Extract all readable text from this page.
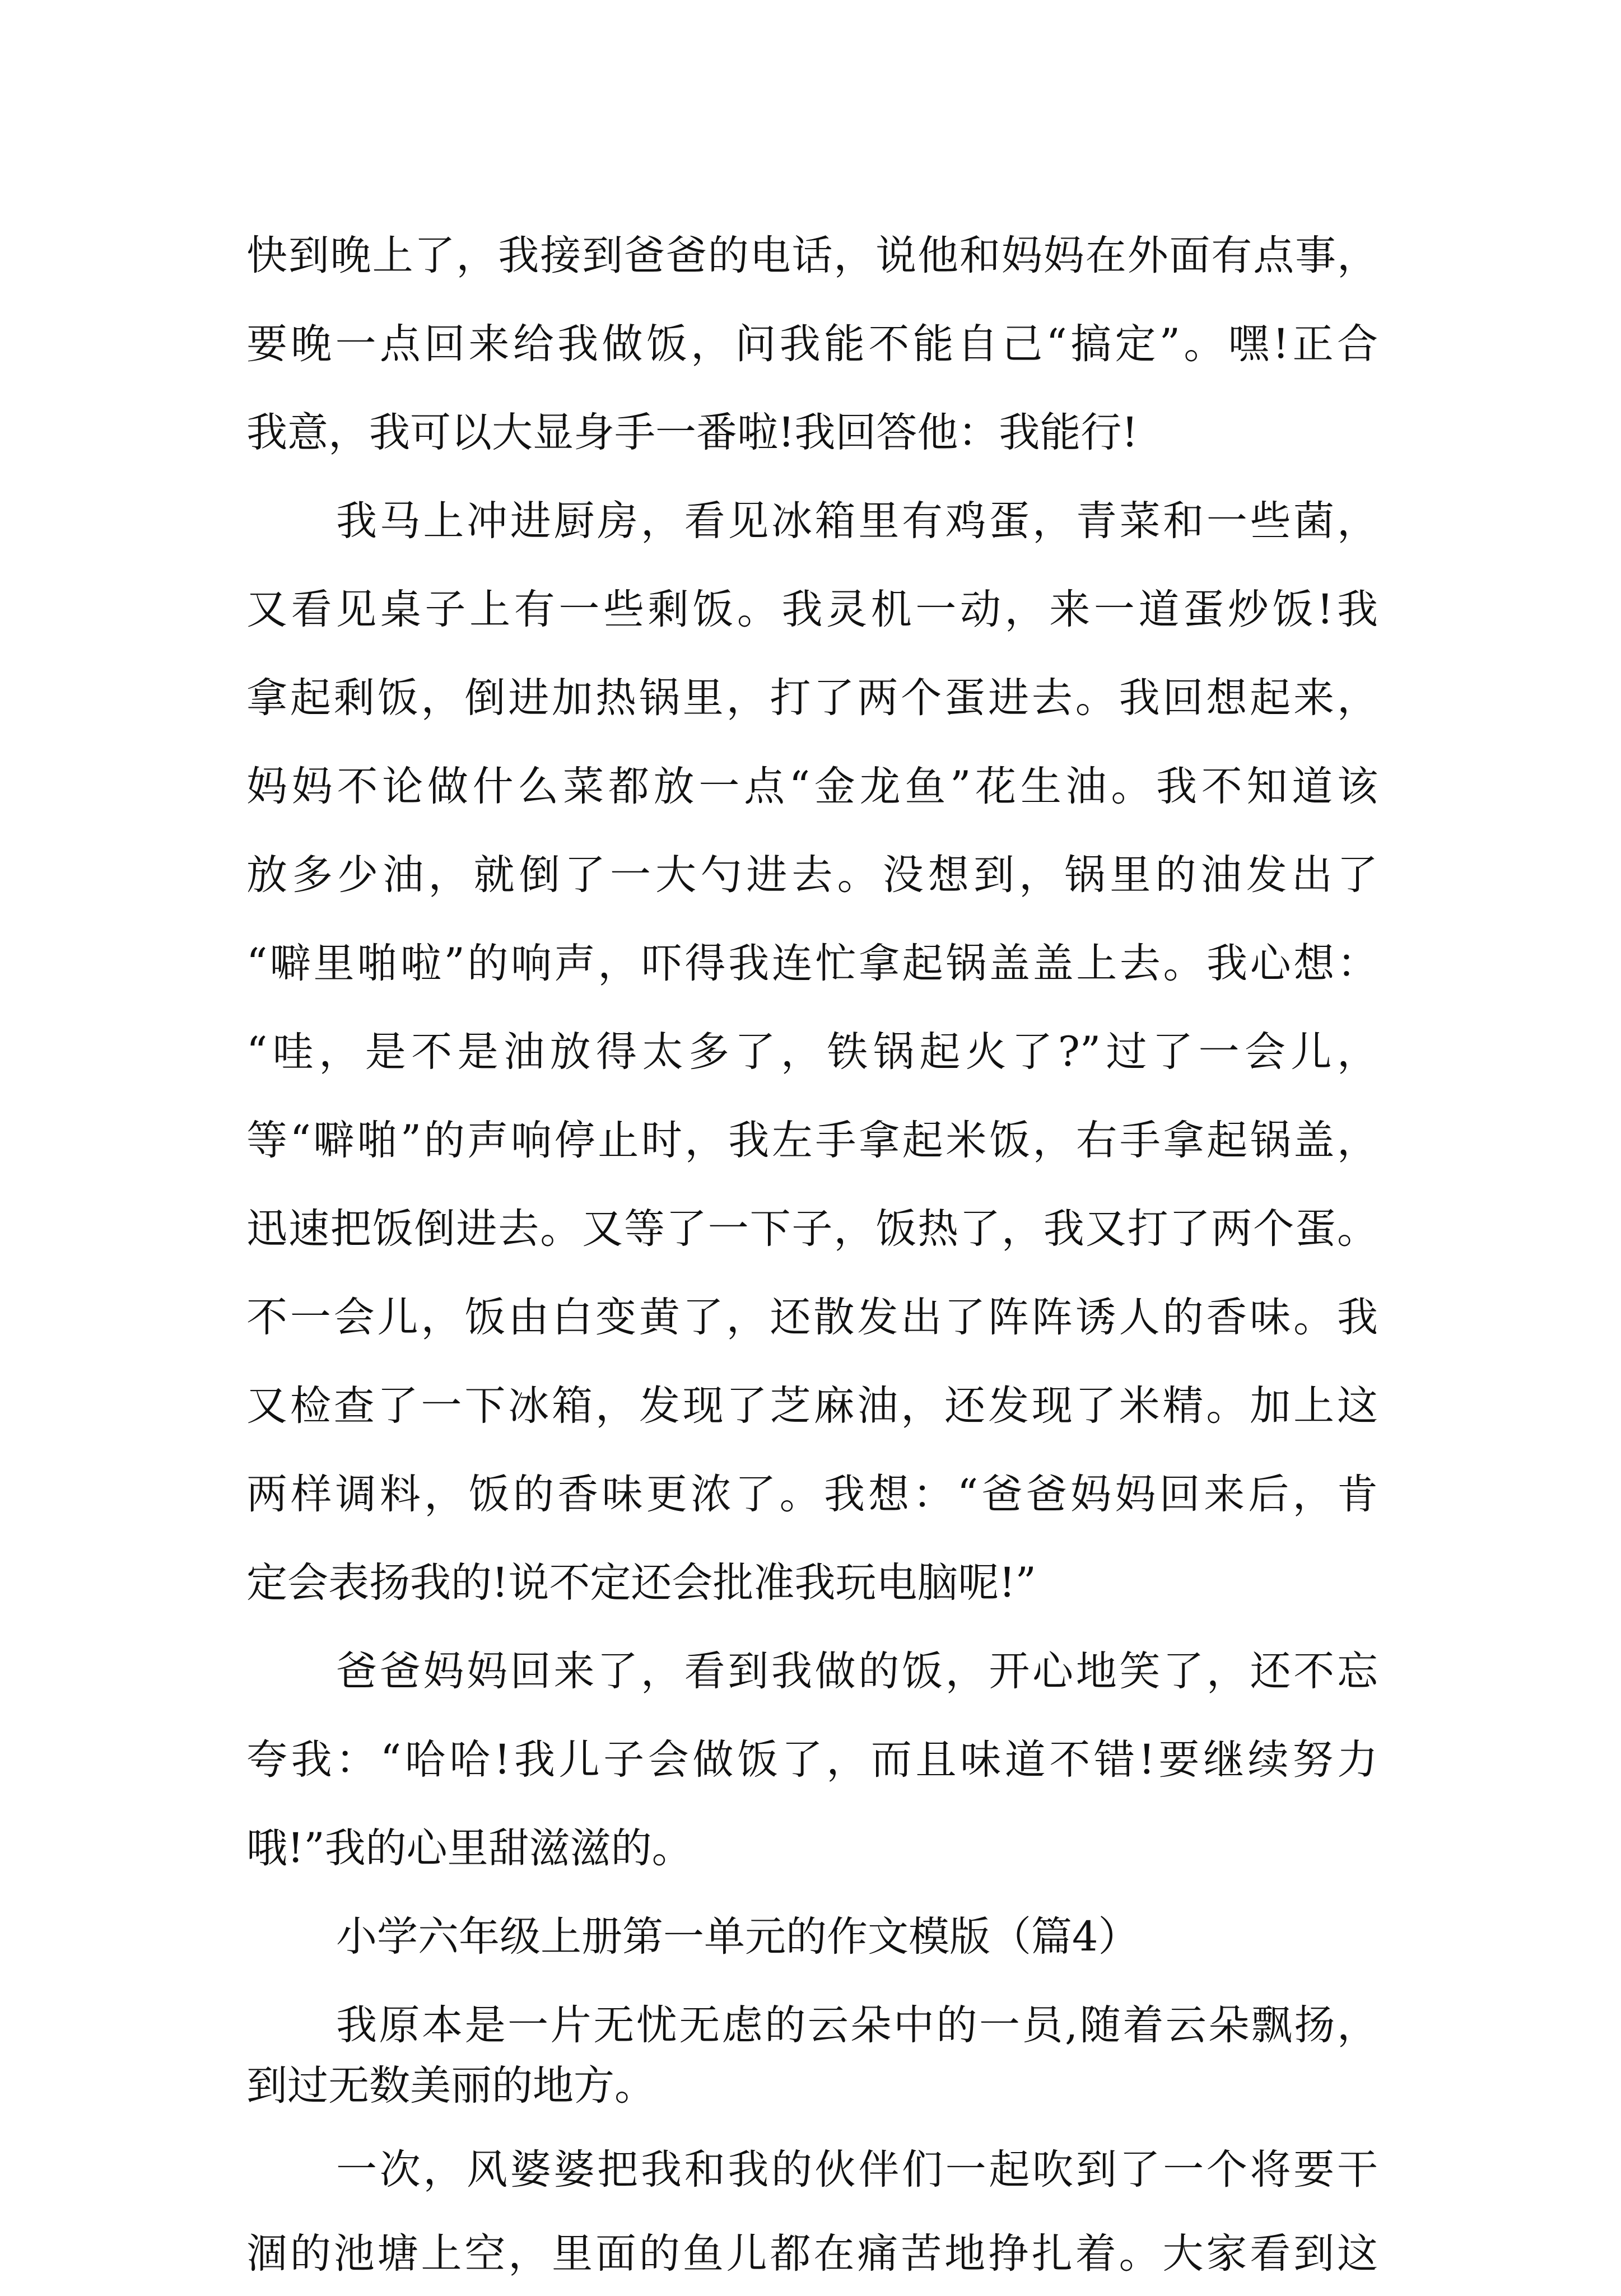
快到晚上了，我接到爸爸的电话，说他和妈妈在外面有点事，
要晚一点回来给我做饭，问我能不能自己“搞定”。嘿!正合
我意，我可以大显身手一番啦!我回答他：我能行!
我马上冲进厨房，看见冰箱里有鸡蛋，青菜和一些菌，
又看见桌子上有一些剩饭。我灵机一动，来一道蛋炒饭!我
拿起剩饭，倒进加热锅里，打了两个蛋进去。我回想起来，
妈妈不论做什么菜都放一点“金龙鱼”花生油。我不知道该
放多少油，就倒了一大勺进去。没想到，锅里的油发出了
“噼里啪啦”的响声，吓得我连忙拿起锅盖盖上去。我心想：
“哇，是不是油放得太多了，铁锅起火了?”过了一会儿，
等“噼啪”的声响停止时，我左手拿起米饭，右手拿起锅盖，
迅速把饭倒进去。又等了一下子，饭热了，我又打了两个蛋。
不一会儿，饭由白变黄了，还散发出了阵阵诱人的香味。我
又检查了一下冰箱，发现了芝麻油，还发现了米精。加上这
两样调料，饭的香味更浓了。我想：“爸爸妈妈回来后，肯
定会表扬我的!说不定还会批准我玩电脑呢!”
爸爸妈妈回来了，看到我做的饭，开心地笑了，还不忘
夸我：“哈哈!我儿子会做饭了，而且味道不错!要继续努力
哦!”我的心里甜滋滋的。
小学六年级上册第一单元的作文模版（篇4）
我原本是一片无忧无虑的云朵中的一员,随着云朵飘扬，
到过无数美丽的地方。
一次，风婆婆把我和我的伙伴们一起吹到了一个将要干
涸的池塘上空，里面的鱼儿都在痛苦地挣扎着。大家看到这
